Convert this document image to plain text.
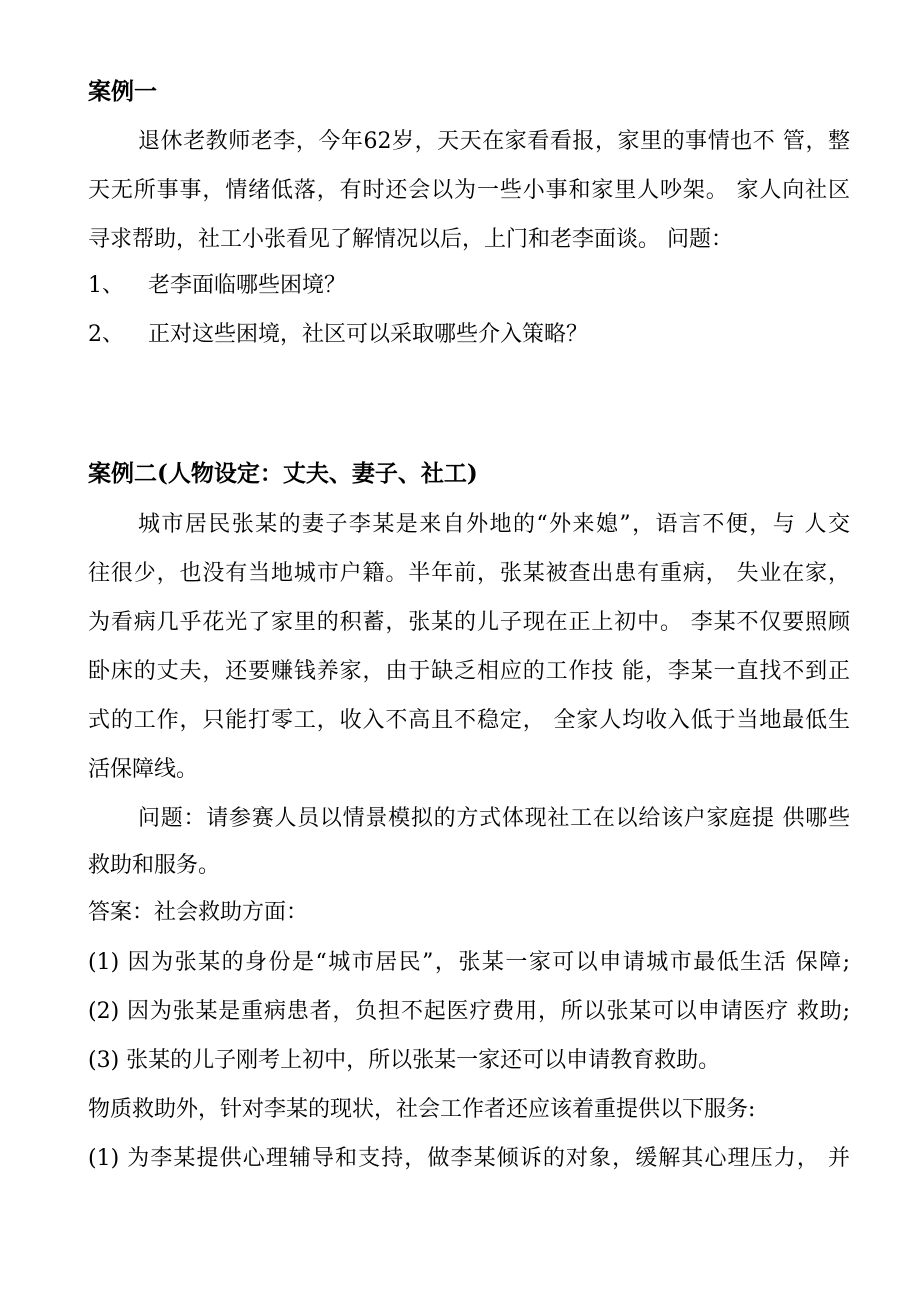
案例一
退休老教师老李，今年62岁，天天在家看看报，家里的事情也不 管，整
天无所事事，情绪低落，有时还会以为一些小事和家里人吵架。 家人向社区
寻求帮助，社工小张看见了解情况以后，上门和老李面谈。 问题：
1、 老李面临哪些困境？
2、 正对这些困境，社区可以采取哪些介入策略？
案例二(人物设定：丈夫、妻子、社工)
城市居民张某的妻子李某是来自外地的“外来媳”，语言不便，与 人交
往很少，也没有当地城市户籍。半年前，张某被查出患有重病， 失业在家，
为看病几乎花光了家里的积蓄，张某的儿子现在正上初中。 李某不仅要照顾
卧床的丈夫，还要赚钱养家，由于缺乏相应的工作技 能，李某一直找不到正
式的工作，只能打零工，收入不高且不稳定， 全家人均收入低于当地最低生
活保障线。
问题：请参赛人员以情景模拟的方式体现社工在以给该户家庭提 供哪些
救助和服务。
答案：社会救助方面：
(1) 因为张某的身份是“城市居民”，张某一家可以申请城市最低生活 保障;
(2) 因为张某是重病患者，负担不起医疗费用，所以张某可以申请医疗 救助;
(3) 张某的儿子刚考上初中，所以张某一家还可以申请教育救助。
物质救助外，针对李某的现状，社会工作者还应该着重提供以下服务:
(1) 为李某提供心理辅导和支持，做李某倾诉的对象，缓解其心理压力， 并
